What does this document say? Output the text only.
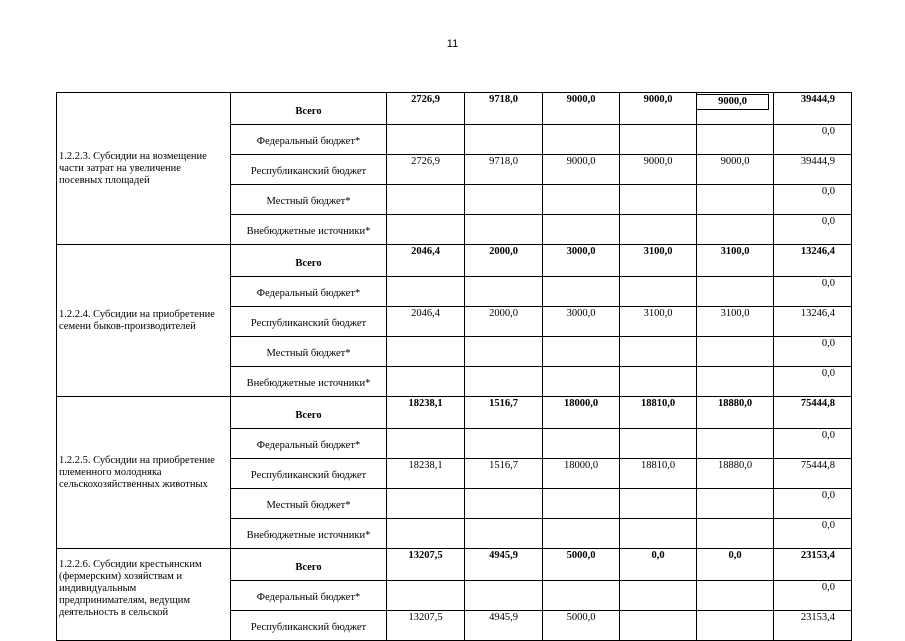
11
1.2.2.3. Субсидии на возмещение части затрат на увеличение посевных площадей	Всего	2726,9	9718,0	9000,0	9000,0	9000,0	39444,9
	Федеральный бюджет*						0,0
	Республиканский бюджет	2726,9	9718,0	9000,0	9000,0	9000,0	39444,9
	Местный бюджет*						0,0
	Внебюджетные источники*						0,0
1.2.2.4. Субсидии на приобретение семени быков-производителей	Всего	2046,4	2000,0	3000,0	3100,0	3100,0	13246,4
	Федеральный бюджет*						0,0
	Республиканский бюджет	2046,4	2000,0	3000,0	3100,0	3100,0	13246,4
	Местный бюджет*						0,0
	Внебюджетные источники*						0,0
1.2.2.5. Субсидии на приобретение племенного молодняка сельскохозяйственных животных	Всего	18238,1	1516,7	18000,0	18810,0	18880,0	75444,8
	Федеральный бюджет*						0,0
	Республиканский бюджет	18238,1	1516,7	18000,0	18810,0	18880,0	75444,8
	Местный бюджет*						0,0
	Внебюджетные источники*						0,0
1.2.2.6. Субсидии крестьянским (фермерским) хозяйствам и индивидуальным предпринимателям, ведущим деятельность в сельской	Всего	13207,5	4945,9	5000,0	0,0	0,0	23153,4
	Федеральный бюджет*						0,0
	Республиканский бюджет	13207,5	4945,9	5000,0			23153,4
